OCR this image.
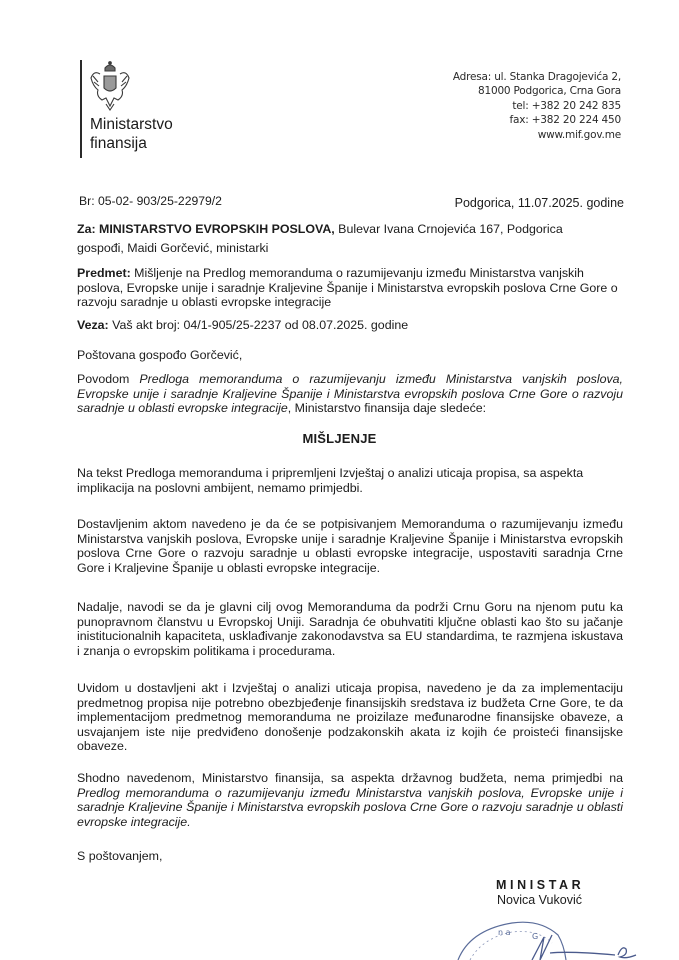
Ministarstvo
finansija
Adresa: ul. Stanka Dragojevića 2,
81000 Podgorica, Crna Gora
tel: +382 20 242 835
fax: +382 20 224 450
www.mif.gov.me
Br: 05-02- 903/25-22979/2	Podgorica, 11.07.2025. godine
Za: MINISTARSTVO EVROPSKIH POSLOVA, Bulevar Ivana Crnojevića 167, Podgorica
gospođi, Maidi Gorčević, ministarki
Predmet: Mišljenje na Predlog memoranduma o razumijevanju između Ministarstva vanjskih poslova, Evropske unije i saradnje Kraljevine Španije i Ministarstva evropskih poslova Crne Gore o razvoju saradnje u oblasti evropske integracije
Veza: Vaš akt broj: 04/1-905/25-2237 od 08.07.2025. godine
Poštovana gospođo Gorčević,
Povodom Predloga memoranduma o razumijevanju između Ministarstva vanjskih poslova, Evropske unije i saradnje Kraljevine Španije i Ministarstva evropskih poslova Crne Gore o razvoju saradnje u oblasti evropske integracije, Ministarstvo finansija daje sledeće:
MIŠLJENJE
Na tekst Predloga memoranduma i pripremljeni Izvještaj o analizi uticaja propisa, sa aspekta implikacija na poslovni ambijent, nemamo primjedbi.
Dostavljenim aktom navedeno je da će se potpisivanjem Memoranduma o razumijevanju između Ministarstva vanjskih poslova, Evropske unije i saradnje Kraljevine Španije i Ministarstva evropskih poslova Crne Gore o razvoju saradnje u oblasti evropske integracije, uspostaviti saradnja Crne Gore i Kraljevine Španije u oblasti evropske integracije.
Nadalje, navodi se da je glavni cilj ovog Memoranduma da podrži Crnu Goru na njenom putu ka punopravnom članstvu u Evropskoj Uniji. Saradnja će obuhvatiti ključne oblasti kao što su jačanje inistitucionalnih kapaciteta, usklađivanje zakonodavstva sa EU standardima, te razmjena iskustava i znanja o evropskim politikama i procedurama.
Uvidom u dostavljeni akt i Izvještaj o analizi uticaja propisa, navedeno je da za implementaciju predmetnog propisa nije potrebno obezbjeđenje finansijskih sredstava iz budžeta Crne Gore, te da implementacijom predmetnog memoranduma ne proizilaze međunarodne finansijske obaveze, a usvajanjem iste nije predviđeno donošenje podzakonskih akata iz kojih će proisteći finansijske obaveze.
Shodno navedenom, Ministarstvo finansija, sa aspekta državnog budžeta, nema primjedbi na Predlog memoranduma o razumijevanju između Ministarstva vanjskih poslova, Evropske unije i saradnje Kraljevine Španije i Ministarstva evropskih poslova Crne Gore o razvoju saradnje u oblasti evropske integracije.
S poštovanjem,
MINISTAR
Novica Vuković
n a	G
